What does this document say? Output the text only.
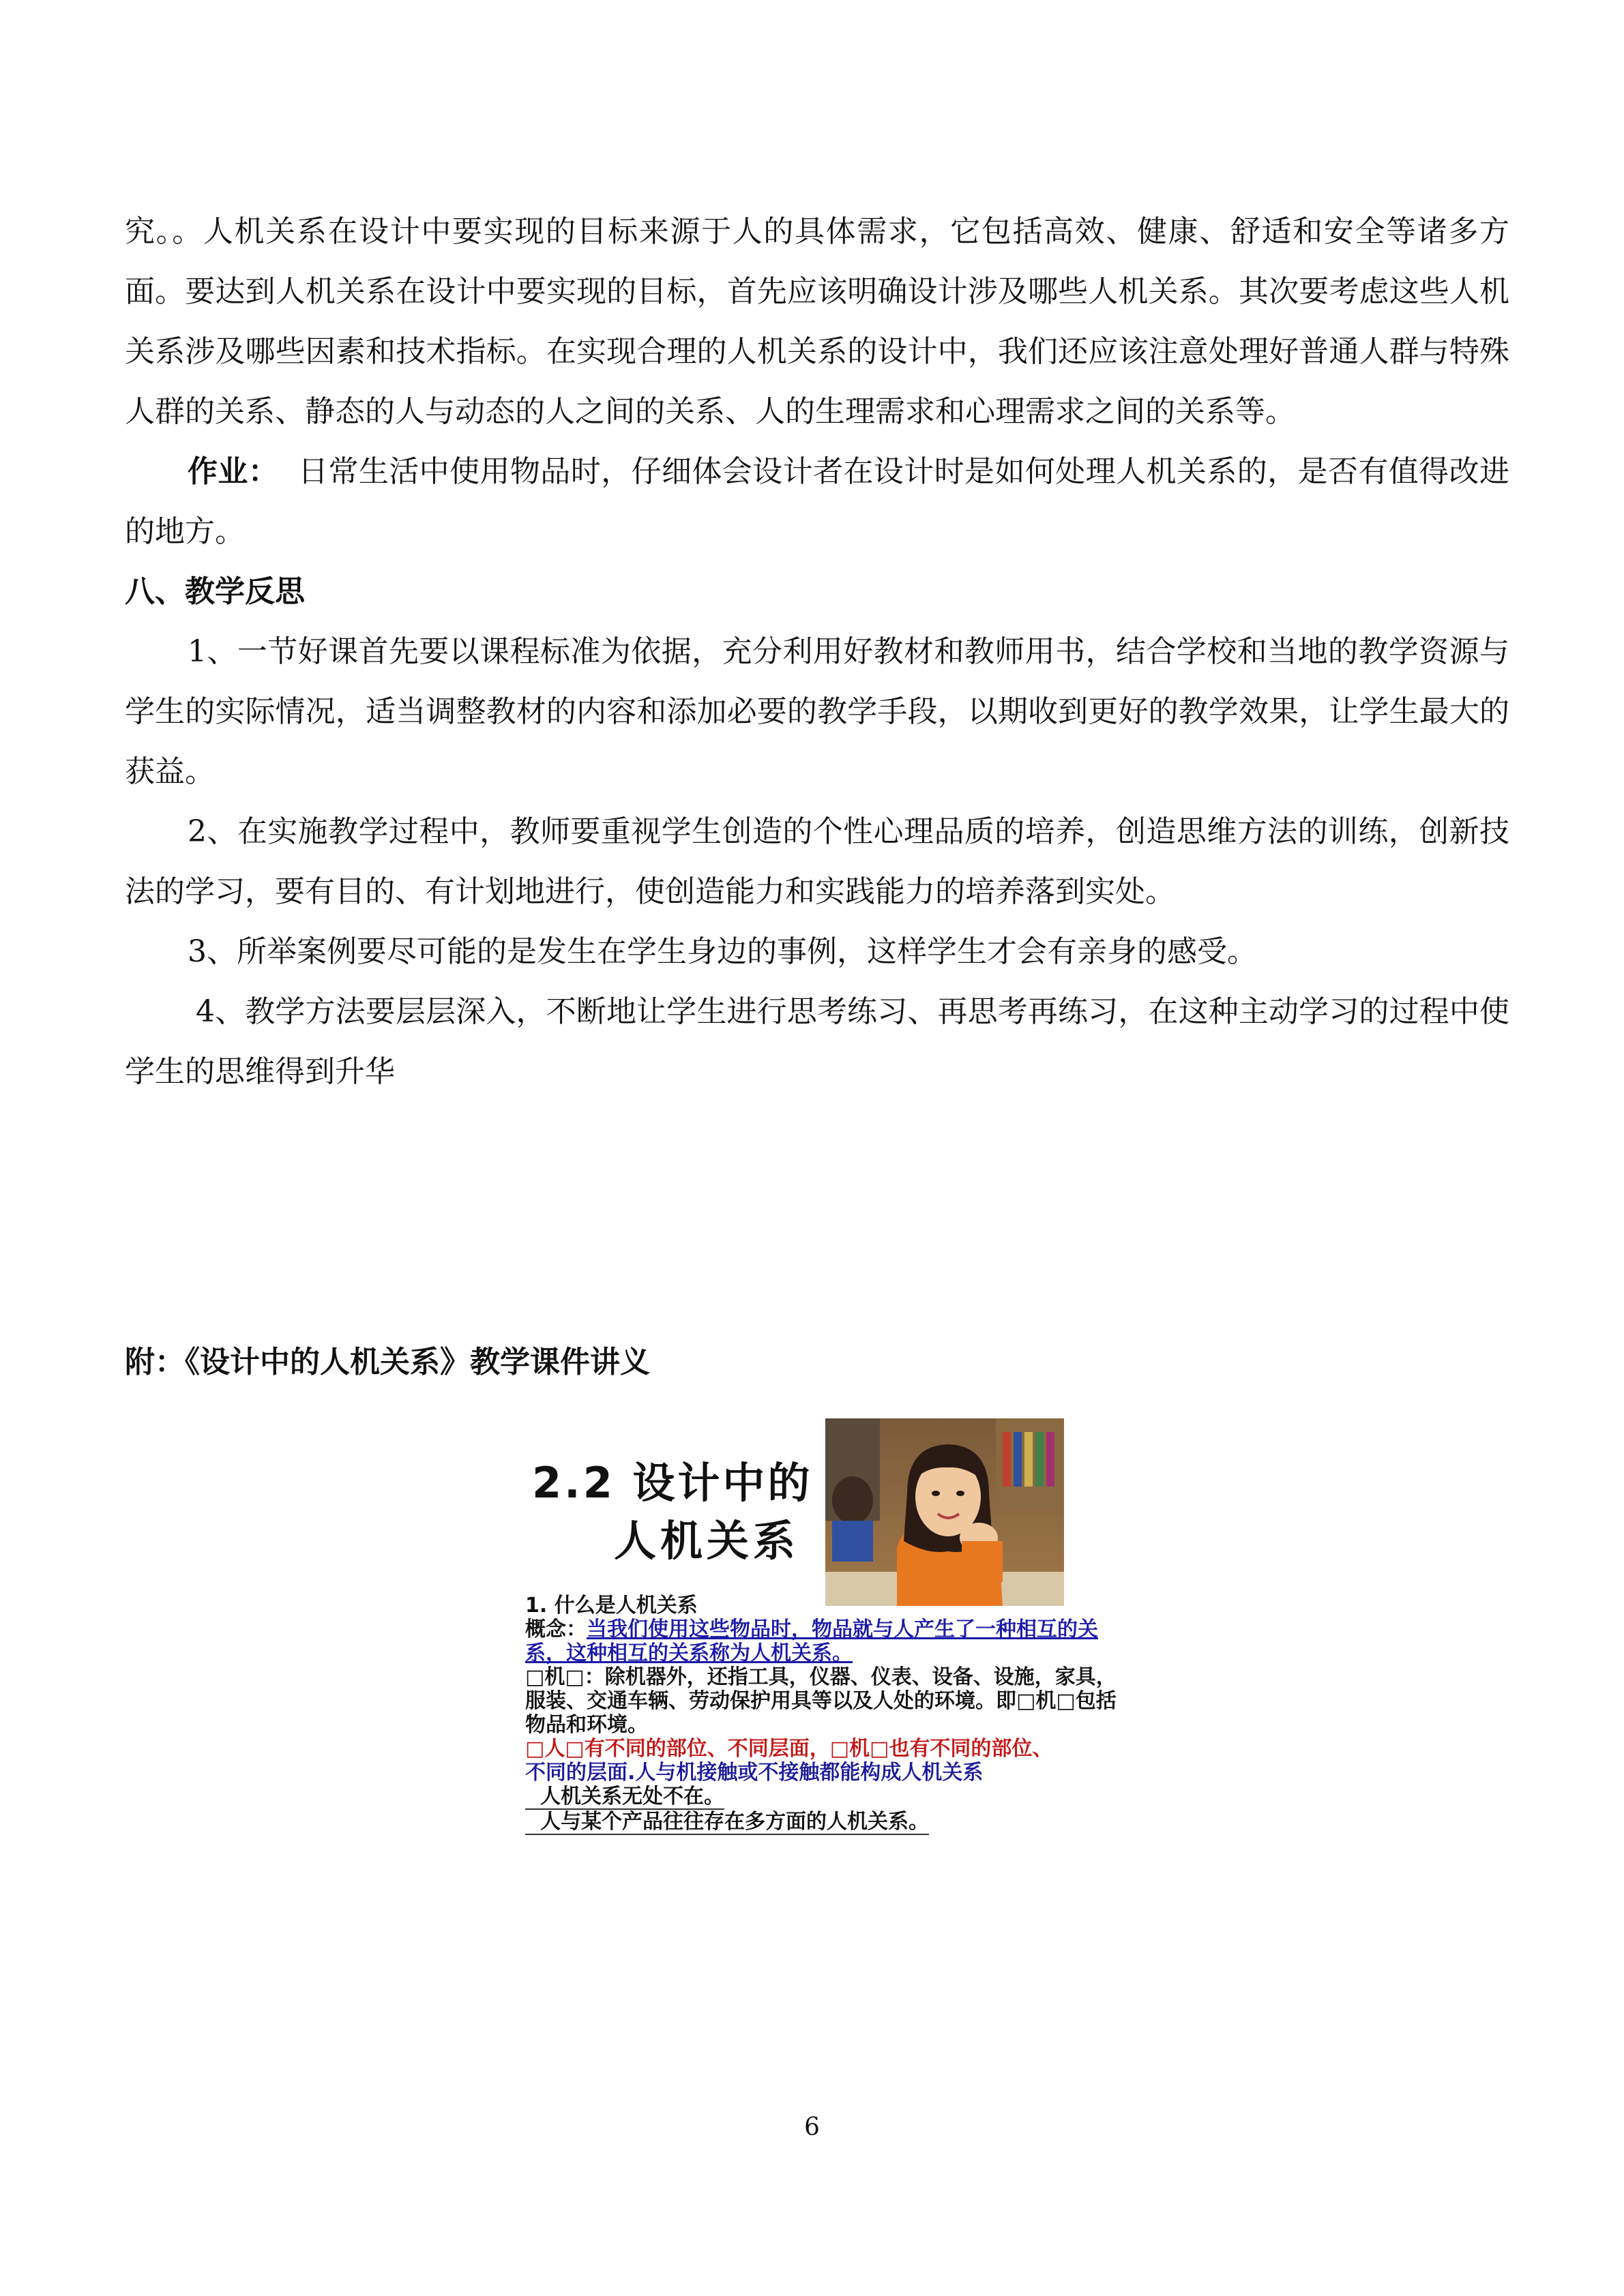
究。。人机关系在设计中要实现的目标来源于人的具体需求，它包括高效、健康、舒适和安全等诸多方面。要达到人机关系在设计中要实现的目标，首先应该明确设计涉及哪些人机关系。其次要考虑这些人机关系涉及哪些因素和技术指标。在实现合理的人机关系的设计中，我们还应该注意处理好普通人群与特殊人群的关系、静态的人与动态的人之间的关系、人的生理需求和心理需求之间的关系等。

作业： 日常生活中使用物品时，仔细体会设计者在设计时是如何处理人机关系的，是否有值得改进的地方。

八、教学反思

1、一节好课首先要以课程标准为依据，充分利用好教材和教师用书，结合学校和当地的教学资源与学生的实际情况，适当调整教材的内容和添加必要的教学手段，以期收到更好的教学效果，让学生最大的获益。

2、在实施教学过程中，教师要重视学生创造的个性心理品质的培养，创造思维方法的训练，创新技法的学习，要有目的、有计划地进行，使创造能力和实践能力的培养落到实处。

3、所举案例要尽可能的是发生在学生身边的事例，这样学生才会有亲身的感受。

4、教学方法要层层深入，不断地让学生进行思考练习、再思考再练习，在这种主动学习的过程中使学生的思维得到升华

附：《设计中的人机关系》教学课件讲义
2.2 设计中的
人机关系

1. 什么是人机关系

概念：当我们使用这些物品时，物品就与人产生了一种相互的关系，这种相互的关系称为人机关系。

□机□：除机器外，还指工具，仪器、仪表、设备、设施，家具，服装、交通车辆、劳动保护用具等以及人处的环境。即□机□包括物品和环境。

□人□有不同的部位、不同层面，□机□也有不同的部位、

不同的层面.人与机接触或不接触都能构成人机关系

人机关系无处不在。

人与某个产品往往存在多方面的人机关系。

6
